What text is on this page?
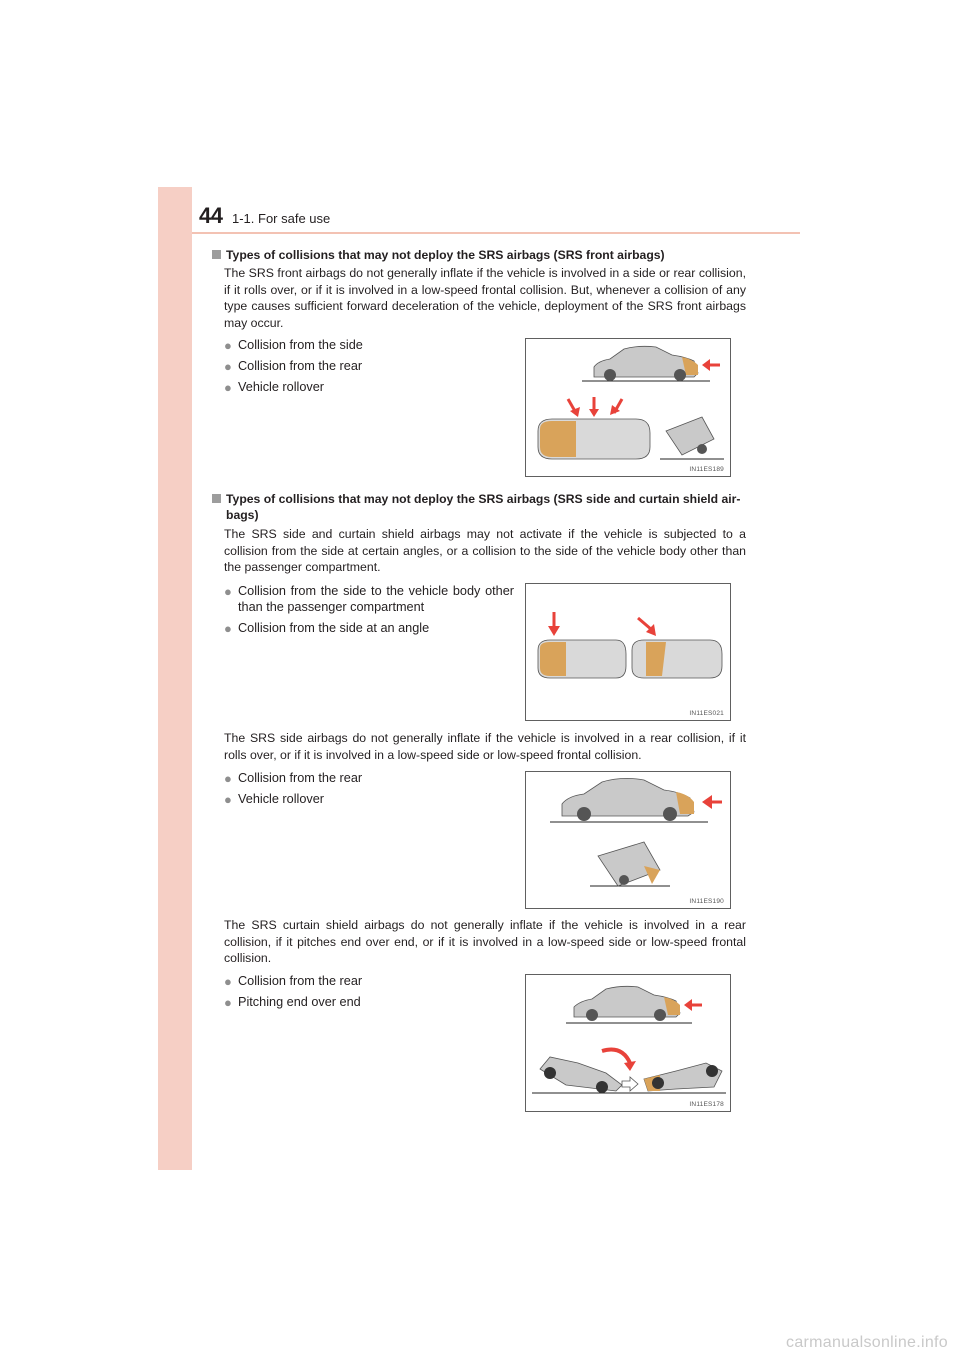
44 1-1. For safe use
Types of collisions that may not deploy the SRS airbags (SRS front airbags)
The SRS front airbags do not generally inflate if the vehicle is involved in a side or rear collision, if it rolls over, or if it is involved in a low-speed frontal collision. But, whenever a collision of any type causes sufficient forward deceleration of the vehicle, deployment of the SRS front airbags may occur.
● Collision from the side
● Collision from the rear
● Vehicle rollover
IN11ES189
Types of collisions that may not deploy the SRS airbags (SRS side and curtain shield air-bags)
The SRS side and curtain shield airbags may not activate if the vehicle is subjected to a collision from the side at certain angles, or a collision to the side of the vehicle body other than the passenger compartment.
● Collision from the side to the vehicle body other than the passenger compartment
● Collision from the side at an angle
IN11ES021
The SRS side airbags do not generally inflate if the vehicle is involved in a rear collision, if it rolls over, or if it is involved in a low-speed side or low-speed frontal collision.
● Collision from the rear
● Vehicle rollover
IN11ES190
The SRS curtain shield airbags do not generally inflate if the vehicle is involved in a rear collision, if it pitches end over end, or if it is involved in a low-speed side or low-speed frontal collision.
● Collision from the rear
● Pitching end over end
IN11ES178
carmanualsonline.info
